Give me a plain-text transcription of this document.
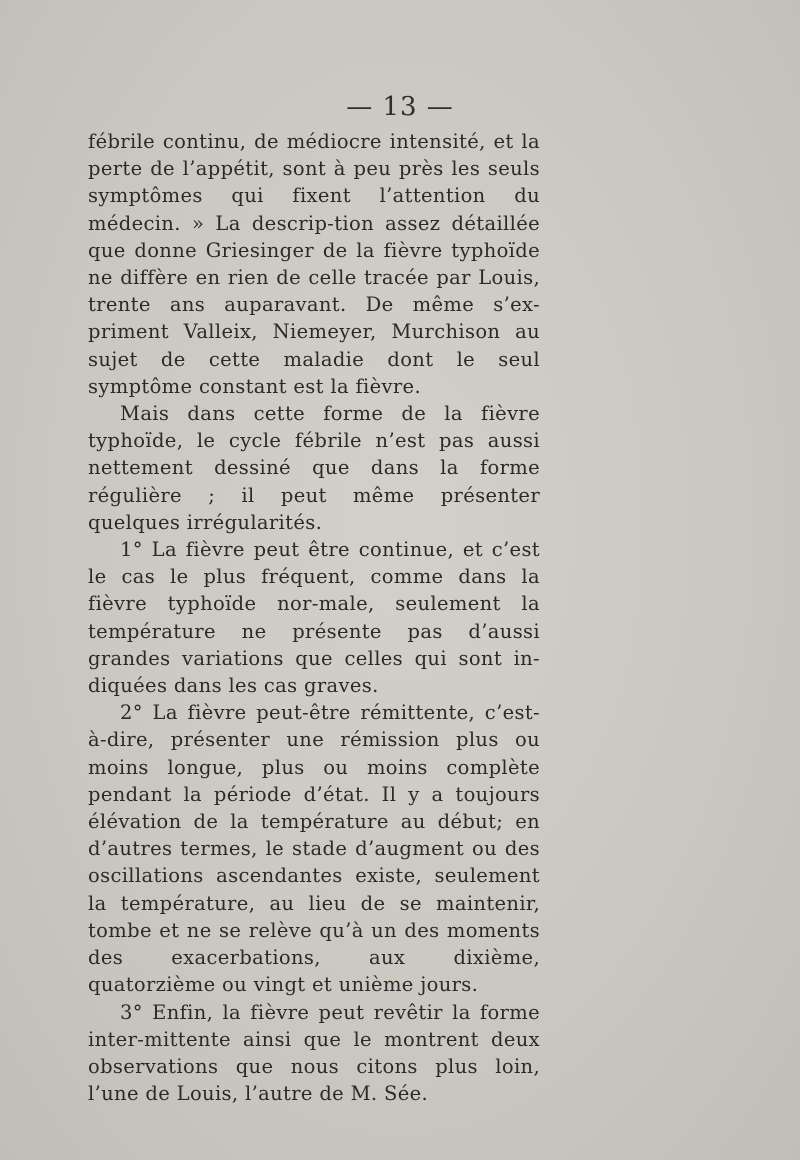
— 13 —

fébrile continu, de médiocre intensité, et la perte de l’appétit, sont à peu près les seuls symptômes qui fixent l’attention du médecin. » La descrip-tion assez détaillée que donne Griesinger de la fièvre typhoïde ne diffère en rien de celle tracée par Louis, trente ans auparavant. De même s’ex-priment Valleix, Niemeyer, Murchison au sujet de cette maladie dont le seul symptôme constant est la fièvre.

Mais dans cette forme de la fièvre typhoïde, le cycle fébrile n’est pas aussi nettement dessiné que dans la forme régulière ; il peut même présenter quelques irrégularités.

1° La fièvre peut être continue, et c’est le cas le plus fréquent, comme dans la fièvre typhoïde nor-male, seulement la température ne présente pas d’aussi grandes variations que celles qui sont in-diquées dans les cas graves.

2° La fièvre peut-être rémittente, c’est-à-dire, présenter une rémission plus ou moins longue, plus ou moins complète pendant la période d’état. Il y a toujours élévation de la température au début; en d’autres termes, le stade d’augment ou des oscillations ascendantes existe, seulement la température, au lieu de se maintenir, tombe et ne se relève qu’à un des moments des exacerbations, aux dixième, quatorzième ou vingt et unième jours.

3° Enfin, la fièvre peut revêtir la forme inter-mittente ainsi que le montrent deux observations que nous citons plus loin, l’une de Louis, l’autre de M. Sée.
